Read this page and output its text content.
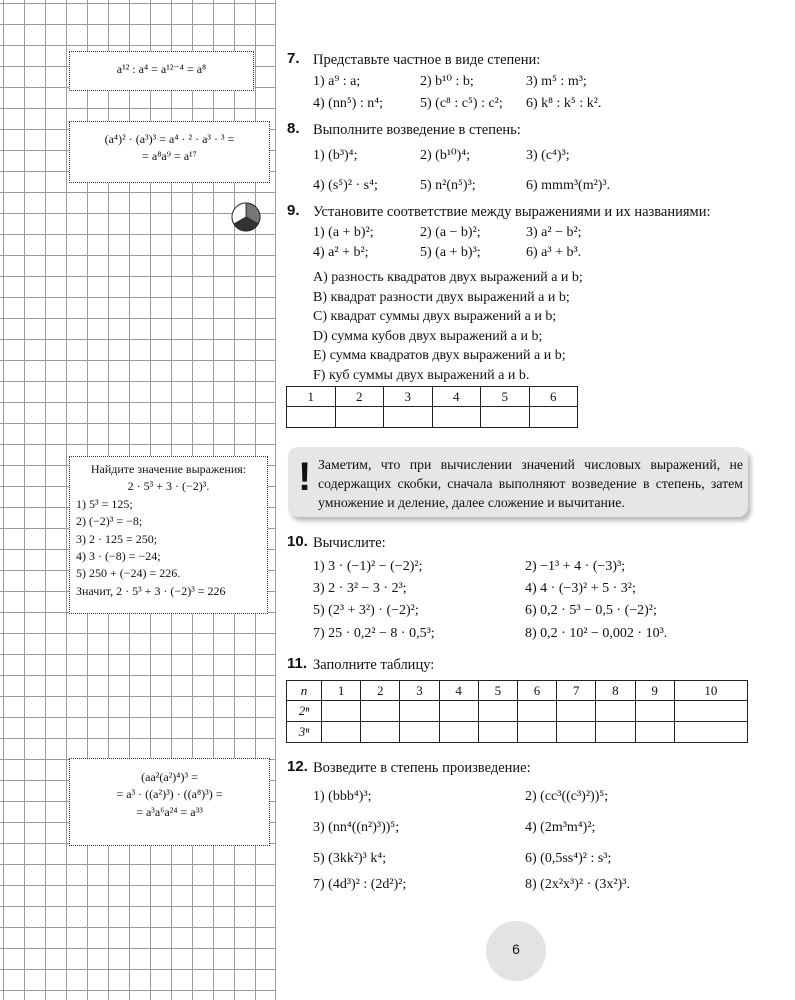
a¹² : a⁴ = a¹²⁻⁴ = a⁸
(a⁴)² · (a³)³ = a⁴ · ² · a³ · ³ =
= a⁸a⁹ = a¹⁷
Найдите значение выражения:
2 · 5³ + 3 · (−2)³.
1) 5³ = 125;
2) (−2)³ = −8;
3) 2 · 125 = 250;
4) 3 · (−8) = −24;
5) 250 + (−24) = 226.
Значит, 2 · 5³ + 3 · (−2)³ = 226
(aa²(a²)⁴)³ =
= a³ · ((a²)³) · ((a⁸)³) =
= a³a⁶a²⁴ = a³³
7. Представьте частное в виде степени:
1) a⁹ : a;	2) b¹⁰ : b;	3) m⁵ : m³;
4) (nn⁵) : n⁴;	5) (c⁸ : c⁵) : c²; 6) k⁸ : k⁵ : k².
8. Выполните возведение в степень:
1) (b³)⁴;	2) (b¹⁰)⁴;	3) (c⁴)³;
4) (s⁵)² · s⁴;	5) n²(n⁵)³;	6) mmm³(m²)³.
9. Установите соответствие между выражениями и их названиями:
1) (a + b)²;	2) (a − b)²;	3) a² − b²;
4) a² + b²;	5) (a + b)³;	6) a³ + b³.
A) разность квадратов двух выражений a и b;
B) квадрат разности двух выражений a и b;
C) квадрат суммы двух выражений a и b;
D) сумма кубов двух выражений a и b;
E) сумма квадратов двух выражений a и b;
F) куб суммы двух выражений a и b.
1	2	3	4	5	6

! Заметим, что при вычислении значений числовых выражений, не содержащих скобки, сначала выполняют возведение в степень, затем умножение и деление, далее сложение и вычитание.
10. Вычислите:
1) 3 · (−1)² − (−2)²;	2) −1³ + 4 · (−3)³;
3) 2 · 3² − 3 · 2³;	4) 4 · (−3)² + 5 · 3²;
5) (2³ + 3²) · (−2)²;	6) 0,2 · 5³ − 0,5 · (−2)²;
7) 25 · 0,2² − 8 · 0,5³;	8) 0,2 · 10² − 0,002 · 10³.
11. Заполните таблицу:
n	1	2	3	4	5	6	7	8	9	10
2ⁿ										
3ⁿ										
12. Возведите в степень произведение:
1) (bbb⁴)³;	2) (cc³((c³)²))⁵;
3) (nn⁴((n²)³))⁵;	4) (2m³m⁴)²;
5) (3kk²)³ k⁴;	6) (0,5ss⁴)² : s³;
7) (4d³)² : (2d²)²;	8) (2x²x³)² · (3x²)³.
6
